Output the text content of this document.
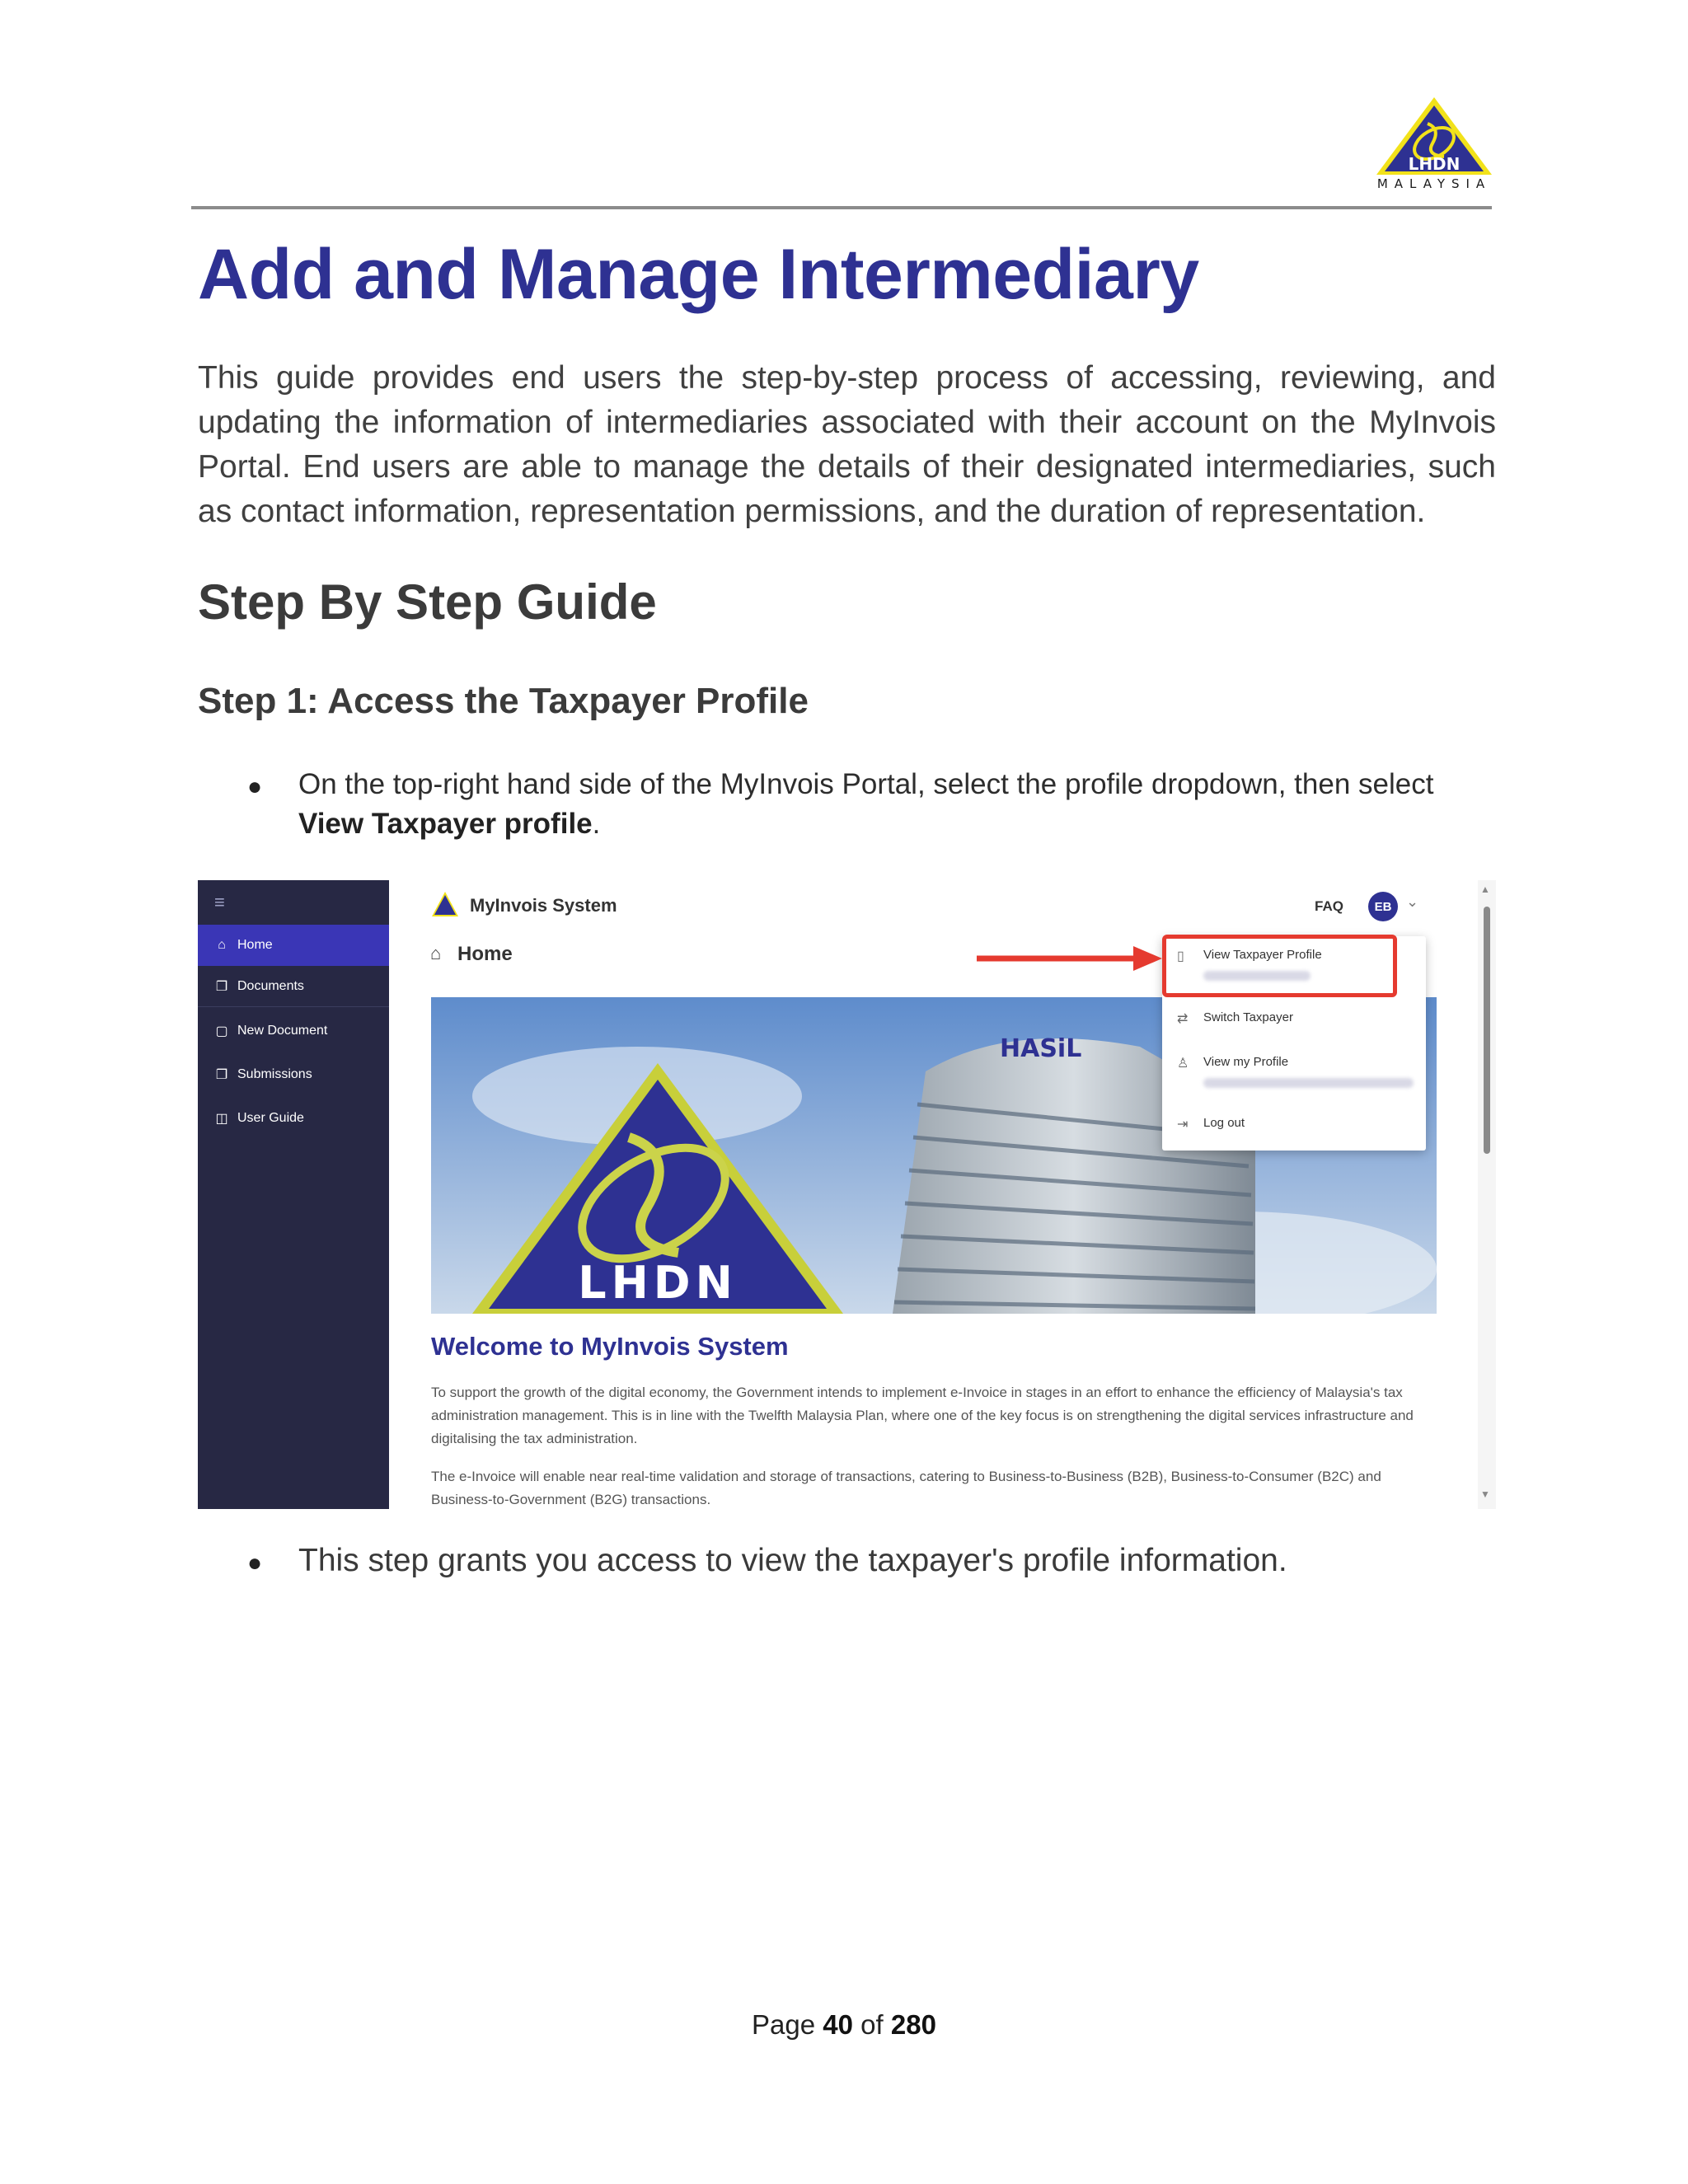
LHDN
MALAYSIA
Add and Manage Intermediary

This guide provides end users the step-by-step process of accessing, reviewing, and updating the information of intermediaries associated with their account on the MyInvois Portal. End users are able to manage the details of their designated intermediaries, such as contact information, representation permissions, and the duration of representation.

Step By Step Guide
Step 1: Access the Taxpayer Profile
● On the top-right hand side of the MyInvois Portal, select the profile dropdown, then select View Taxpayer profile.

≡
⌂ Home
❐ Documents
▢ New Document
❐ Submissions
◫ User Guide
MyInvois System	FAQ	EB ⌄
⌂ Home
HASiL
LHDN
Welcome to MyInvois System

To support the growth of the digital economy, the Government intends to implement e-Invoice in stages in an effort to enhance the efficiency of Malaysia's tax administration management. This is in line with the Twelfth Malaysia Plan, where one of the key focus is on strengthening the digital services infrastructure and digitalising the tax administration.

The e-Invoice will enable near real-time validation and storage of transactions, catering to Business-to-Business (B2B), Business-to-Consumer (B2C) and Business-to-Government (B2G) transactions.

▲
▼
▯ View Taxpayer Profile
⇄ Switch Taxpayer
♙ View my Profile
⇥ Log out
● This step grants you access to view the taxpayer's profile information.

Page 40 of 280
